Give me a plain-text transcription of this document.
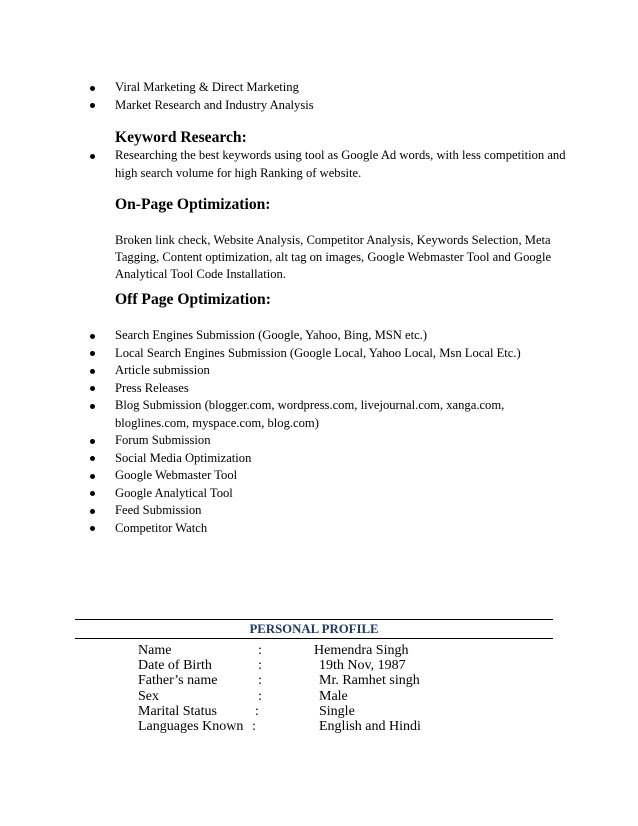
Viral Marketing & Direct Marketing
Market Research and Industry Analysis
Keyword Research:
Researching the best keywords using tool as Google Ad words, with less competition and high search volume for high Ranking of website.
On-Page Optimization:
Broken link check, Website Analysis, Competitor Analysis, Keywords Selection, Meta Tagging, Content optimization, alt tag on images, Google Webmaster Tool and Google Analytical Tool Code Installation.
Off Page Optimization:
Search Engines Submission (Google, Yahoo, Bing, MSN etc.)
Local Search Engines Submission (Google Local, Yahoo Local, Msn Local Etc.)
Article submission
Press Releases
Blog Submission (blogger.com, wordpress.com, livejournal.com, xanga.com, bloglines.com, myspace.com, blog.com)
Forum Submission
Social Media Optimization
Google Webmaster Tool
Google Analytical Tool
Feed Submission
Competitor Watch
PERSONAL PROFILE
Name	:	Hemendra Singh
Date of Birth	:	19th Nov, 1987
Father’s name	:	Mr. Ramhet singh
Sex	:	Male
Marital Status	:	Single
Languages Known :	English and Hindi
